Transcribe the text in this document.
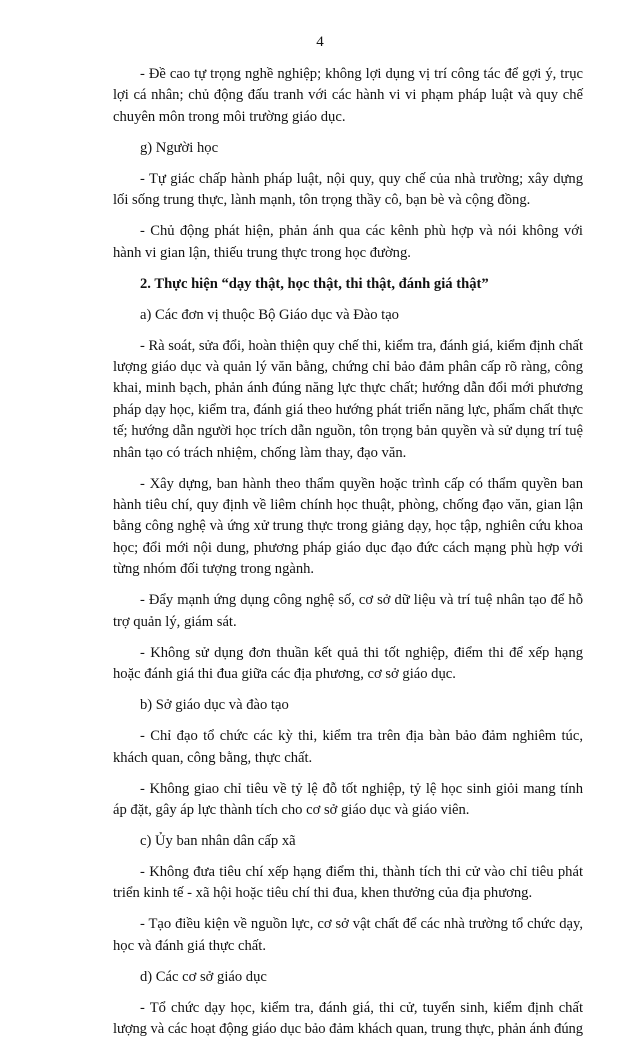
4

- Đề cao tự trọng nghề nghiệp; không lợi dụng vị trí công tác để gợi ý, trục
lợi cá nhân; chủ động đấu tranh với các hành vi vi phạm pháp luật và quy chế
chuyên môn trong môi trường giáo dục.

g) Người học

- Tự giác chấp hành pháp luật, nội quy, quy chế của nhà trường; xây dựng
lối sống trung thực, lành mạnh, tôn trọng thầy cô, bạn bè và cộng đồng.

- Chủ động phát hiện, phản ánh qua các kênh phù hợp và nói không với
hành vi gian lận, thiếu trung thực trong học đường.

2. Thực hiện “dạy thật, học thật, thi thật, đánh giá thật”

a) Các đơn vị thuộc Bộ Giáo dục và Đào tạo

- Rà soát, sửa đổi, hoàn thiện quy chế thi, kiểm tra, đánh giá, kiểm định chất
lượng giáo dục và quản lý văn bằng, chứng chỉ bảo đảm phân cấp rõ ràng, công
khai, minh bạch, phản ánh đúng năng lực thực chất; hướng dẫn đổi mới phương
pháp dạy học, kiểm tra, đánh giá theo hướng phát triển năng lực, phẩm chất thực
tế; hướng dẫn người học trích dẫn nguồn, tôn trọng bản quyền và sử dụng trí tuệ
nhân tạo có trách nhiệm, chống làm thay, đạo văn.

- Xây dựng, ban hành theo thẩm quyền hoặc trình cấp có thẩm quyền ban
hành tiêu chí, quy định về liêm chính học thuật, phòng, chống đạo văn, gian lận
bằng công nghệ và ứng xử trung thực trong giảng dạy, học tập, nghiên cứu khoa
học; đổi mới nội dung, phương pháp giáo dục đạo đức cách mạng phù hợp với
từng nhóm đối tượng trong ngành.

- Đẩy mạnh ứng dụng công nghệ số, cơ sở dữ liệu và trí tuệ nhân tạo để hỗ
trợ quản lý, giám sát.

- Không sử dụng đơn thuần kết quả thi tốt nghiệp, điểm thi để xếp hạng
hoặc đánh giá thi đua giữa các địa phương, cơ sở giáo dục.

b) Sở giáo dục và đào tạo

- Chỉ đạo tổ chức các kỳ thi, kiểm tra trên địa bàn bảo đảm nghiêm túc,
khách quan, công bằng, thực chất.

- Không giao chỉ tiêu về tỷ lệ đỗ tốt nghiệp, tỷ lệ học sinh giỏi mang tính
áp đặt, gây áp lực thành tích cho cơ sở giáo dục và giáo viên.

c) Ủy ban nhân dân cấp xã

- Không đưa tiêu chí xếp hạng điểm thi, thành tích thi cử vào chỉ tiêu phát
triển kinh tế - xã hội hoặc tiêu chí thi đua, khen thưởng của địa phương.

- Tạo điều kiện về nguồn lực, cơ sở vật chất để các nhà trường tổ chức dạy,
học và đánh giá thực chất.

d) Các cơ sở giáo dục

- Tổ chức dạy học, kiểm tra, đánh giá, thi cử, tuyển sinh, kiểm định chất
lượng và các hoạt động giáo dục bảo đảm khách quan, trung thực, phản ánh đúng
